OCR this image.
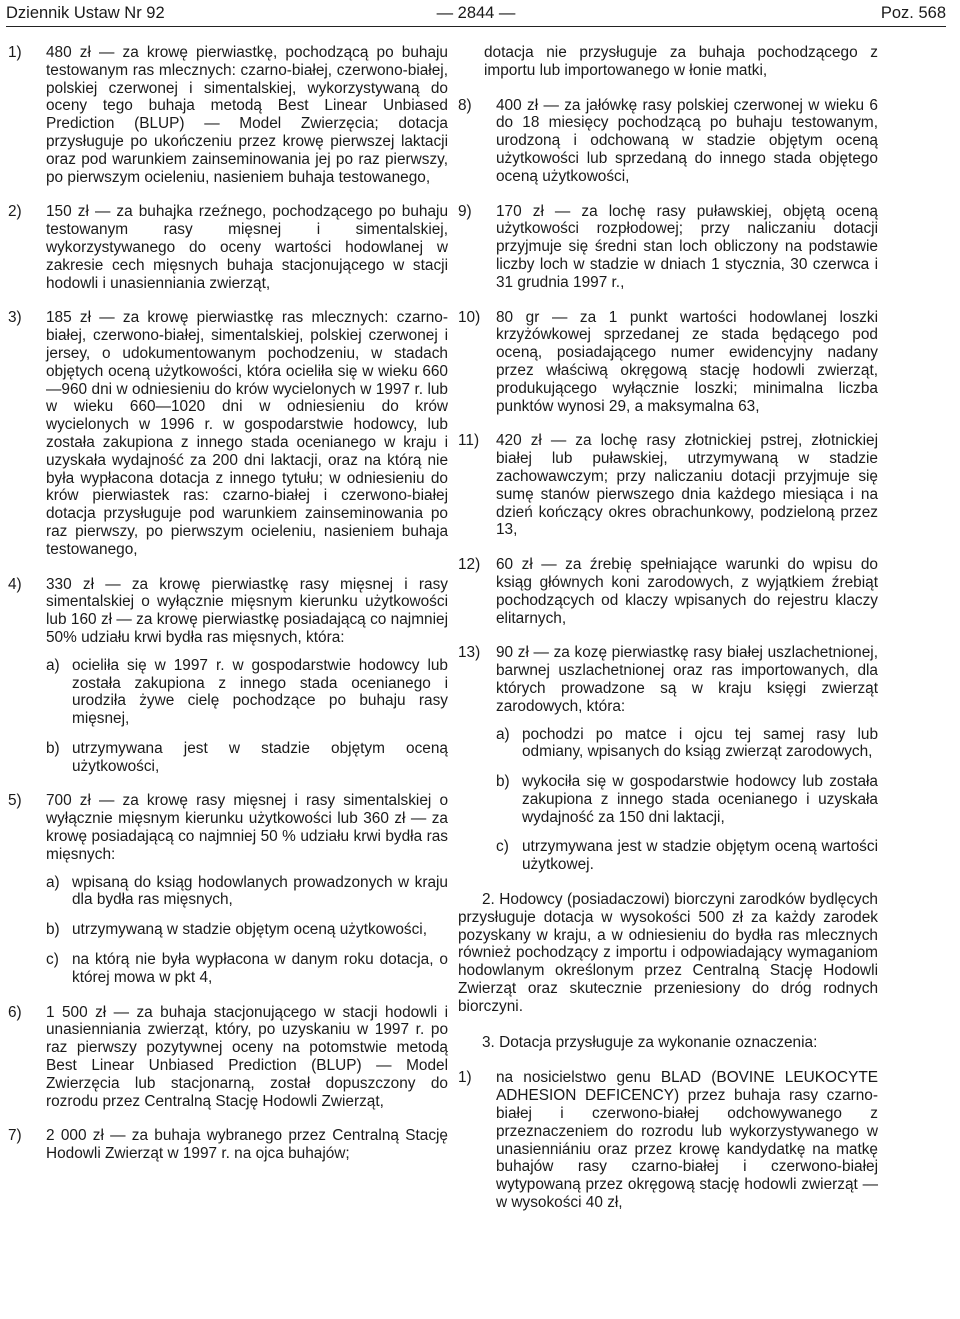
Dziennik Ustaw Nr 92	— 2844 —	Poz. 568
1) 480 zł — za krowę pierwiastkę, pochodzącą po buhaju testowanym ras mlecznych: czarno-białej, czerwono-białej, polskiej czerwonej i simentalskiej, wykorzystywaną do oceny tego buhaja metodą Best Linear Unbiased Prediction (BLUP) — Model Zwierzęcia; dotacja przysługuje po ukończeniu przez krowę pierwszej laktacji oraz pod warunkiem zainseminowania jej po raz pierwszy, po pierwszym ocieleniu, nasieniem buhaja testowanego,
2) 150 zł — za buhajka rzeźnego, pochodzącego po buhaju testowanym rasy mięsnej i simentalskiej, wykorzystywanego do oceny wartości hodowlanej w zakresie cech mięsnych buhaja stacjonującego w stacji hodowli i unasienniania zwierząt,
3) 185 zł — za krowę pierwiastkę ras mlecznych: czarno-białej, czerwono-białej, simentalskiej, polskiej czerwonej i jersey, o udokumentowanym pochodzeniu, w stadach objętych oceną użytkowości, która ocieliła się w wieku 660—960 dni w odniesieniu do krów wycielonych w 1997 r. lub w wieku 660—1020 dni w odniesieniu do krów wycielonych w 1996 r. w gospodarstwie hodowcy, lub została zakupiona z innego stada ocenianego w kraju i uzyskała wydajność za 200 dni laktacji, oraz na którą nie była wypłacona dotacja z innego tytułu; w odniesieniu do krów pierwiastek ras: czarno-białej i czerwono-białej dotacja przysługuje pod warunkiem zainseminowania po raz pierwszy, po pierwszym ocieleniu, nasieniem buhaja testowanego,
4) 330 zł — za krowę pierwiastkę rasy mięsnej i rasy simentalskiej o wyłącznie mięsnym kierunku użytkowości lub 160 zł — za krowę pierwiastkę posiadającą co najmniej 50% udziału krwi bydła ras mięsnych, która:
a) ocieliła się w 1997 r. w gospodarstwie hodowcy lub została zakupiona z innego stada ocenianego i urodziła żywe cielę pochodzące po buhaju rasy mięsnej,
b) utrzymywana jest w stadzie objętym oceną użytkowości,
5) 700 zł — za krowę rasy mięsnej i rasy simentalskiej o wyłącznie mięsnym kierunku użytkowości lub 360 zł — za krowę posiadającą co najmniej 50 % udziału krwi bydła ras mięsnych:
a) wpisaną do ksiąg hodowlanych prowadzonych w kraju dla bydła ras mięsnych,
b) utrzymywaną w stadzie objętym oceną użytkowości,
c) na którą nie była wypłacona w danym roku dotacja, o której mowa w pkt 4,
6) 1 500 zł — za buhaja stacjonującego w stacji hodowli i unasienniania zwierząt, który, po uzyskaniu w 1997 r. po raz pierwszy pozytywnej oceny na potomstwie metodą Best Linear Unbiased Prediction (BLUP) — Model Zwierzęcia lub stacjonarną, został dopuszczony do rozrodu przez Centralną Stację Hodowli Zwierząt,
7) 2 000 zł — za buhaja wybranego przez Centralną Stację Hodowli Zwierząt w 1997 r. na ojca buhajów;
dotacja nie przysługuje za buhaja pochodzącego z importu lub importowanego w łonie matki,
8) 400 zł — za jałówkę rasy polskiej czerwonej w wieku 6 do 18 miesięcy pochodzącą po buhaju testowanym, urodzoną i odchowaną w stadzie objętym oceną użytkowości lub sprzedaną do innego stada objętego oceną użytkowości,
9) 170 zł — za lochę rasy puławskiej, objętą oceną użytkowości rozpłodowej; przy naliczaniu dotacji przyjmuje się średni stan loch obliczony na podstawie liczby loch w stadzie w dniach 1 stycznia, 30 czerwca i 31 grudnia 1997 r.,
10) 80 gr — za 1 punkt wartości hodowlanej loszki krzyżówkowej sprzedanej ze stada będącego pod oceną, posiadającego numer ewidencyjny nadany przez właściwą okręgową stację hodowli zwierząt, produkującego wyłącznie loszki; minimalna liczba punktów wynosi 29, a maksymalna 63,
11) 420 zł — za lochę rasy złotnickiej pstrej, złotnickiej białej lub puławskiej, utrzymywaną w stadzie zachowawczym; przy naliczaniu dotacji przyjmuje się sumę stanów pierwszego dnia każdego miesiąca i na dzień kończący okres obrachunkowy, podzieloną przez 13,
12) 60 zł — za źrebię spełniające warunki do wpisu do ksiąg głównych koni zarodowych, z wyjątkiem źrebiąt pochodzących od klaczy wpisanych do rejestru klaczy elitarnych,
13) 90 zł — za kozę pierwiastkę rasy białej uszlachetnionej, barwnej uszlachetnionej oraz ras importowanych, dla których prowadzone są w kraju księgi zwierząt zarodowych, która:
a) pochodzi po matce i ojcu tej samej rasy lub odmiany, wpisanych do ksiąg zwierząt zarodowych,
b) wykociła się w gospodarstwie hodowcy lub została zakupiona z innego stada ocenianego i uzyskała wydajność za 150 dni laktacji,
c) utrzymywana jest w stadzie objętym oceną wartości użytkowej.

2. Hodowcy (posiadaczowi) biorczyni zarodków bydlęcych przysługuje dotacja w wysokości 500 zł za każdy zarodek pozyskany w kraju, a w odniesieniu do bydła ras mlecznych również pochodzący z importu i odpowiadający wymaganiom hodowlanym określonym przez Centralną Stację Hodowli Zwierząt oraz skutecznie przeniesiony do dróg rodnych biorczyni.

3. Dotacja przysługuje za wykonanie oznaczenia:

1) na nosicielstwo genu BLAD (BOVINE LEUKOCYTE ADHESION DEFICENCY) przez buhaja rasy czarno-białej i czerwono-białej odchowywanego z przeznaczeniem do rozrodu lub wykorzystywanego w unasienniániu oraz przez krowę kandydatkę na matkę buhajów rasy czarno-białej i czerwono-białej wytypowaną przez okręgową stację hodowli zwierząt — w wysokości 40 zł,
